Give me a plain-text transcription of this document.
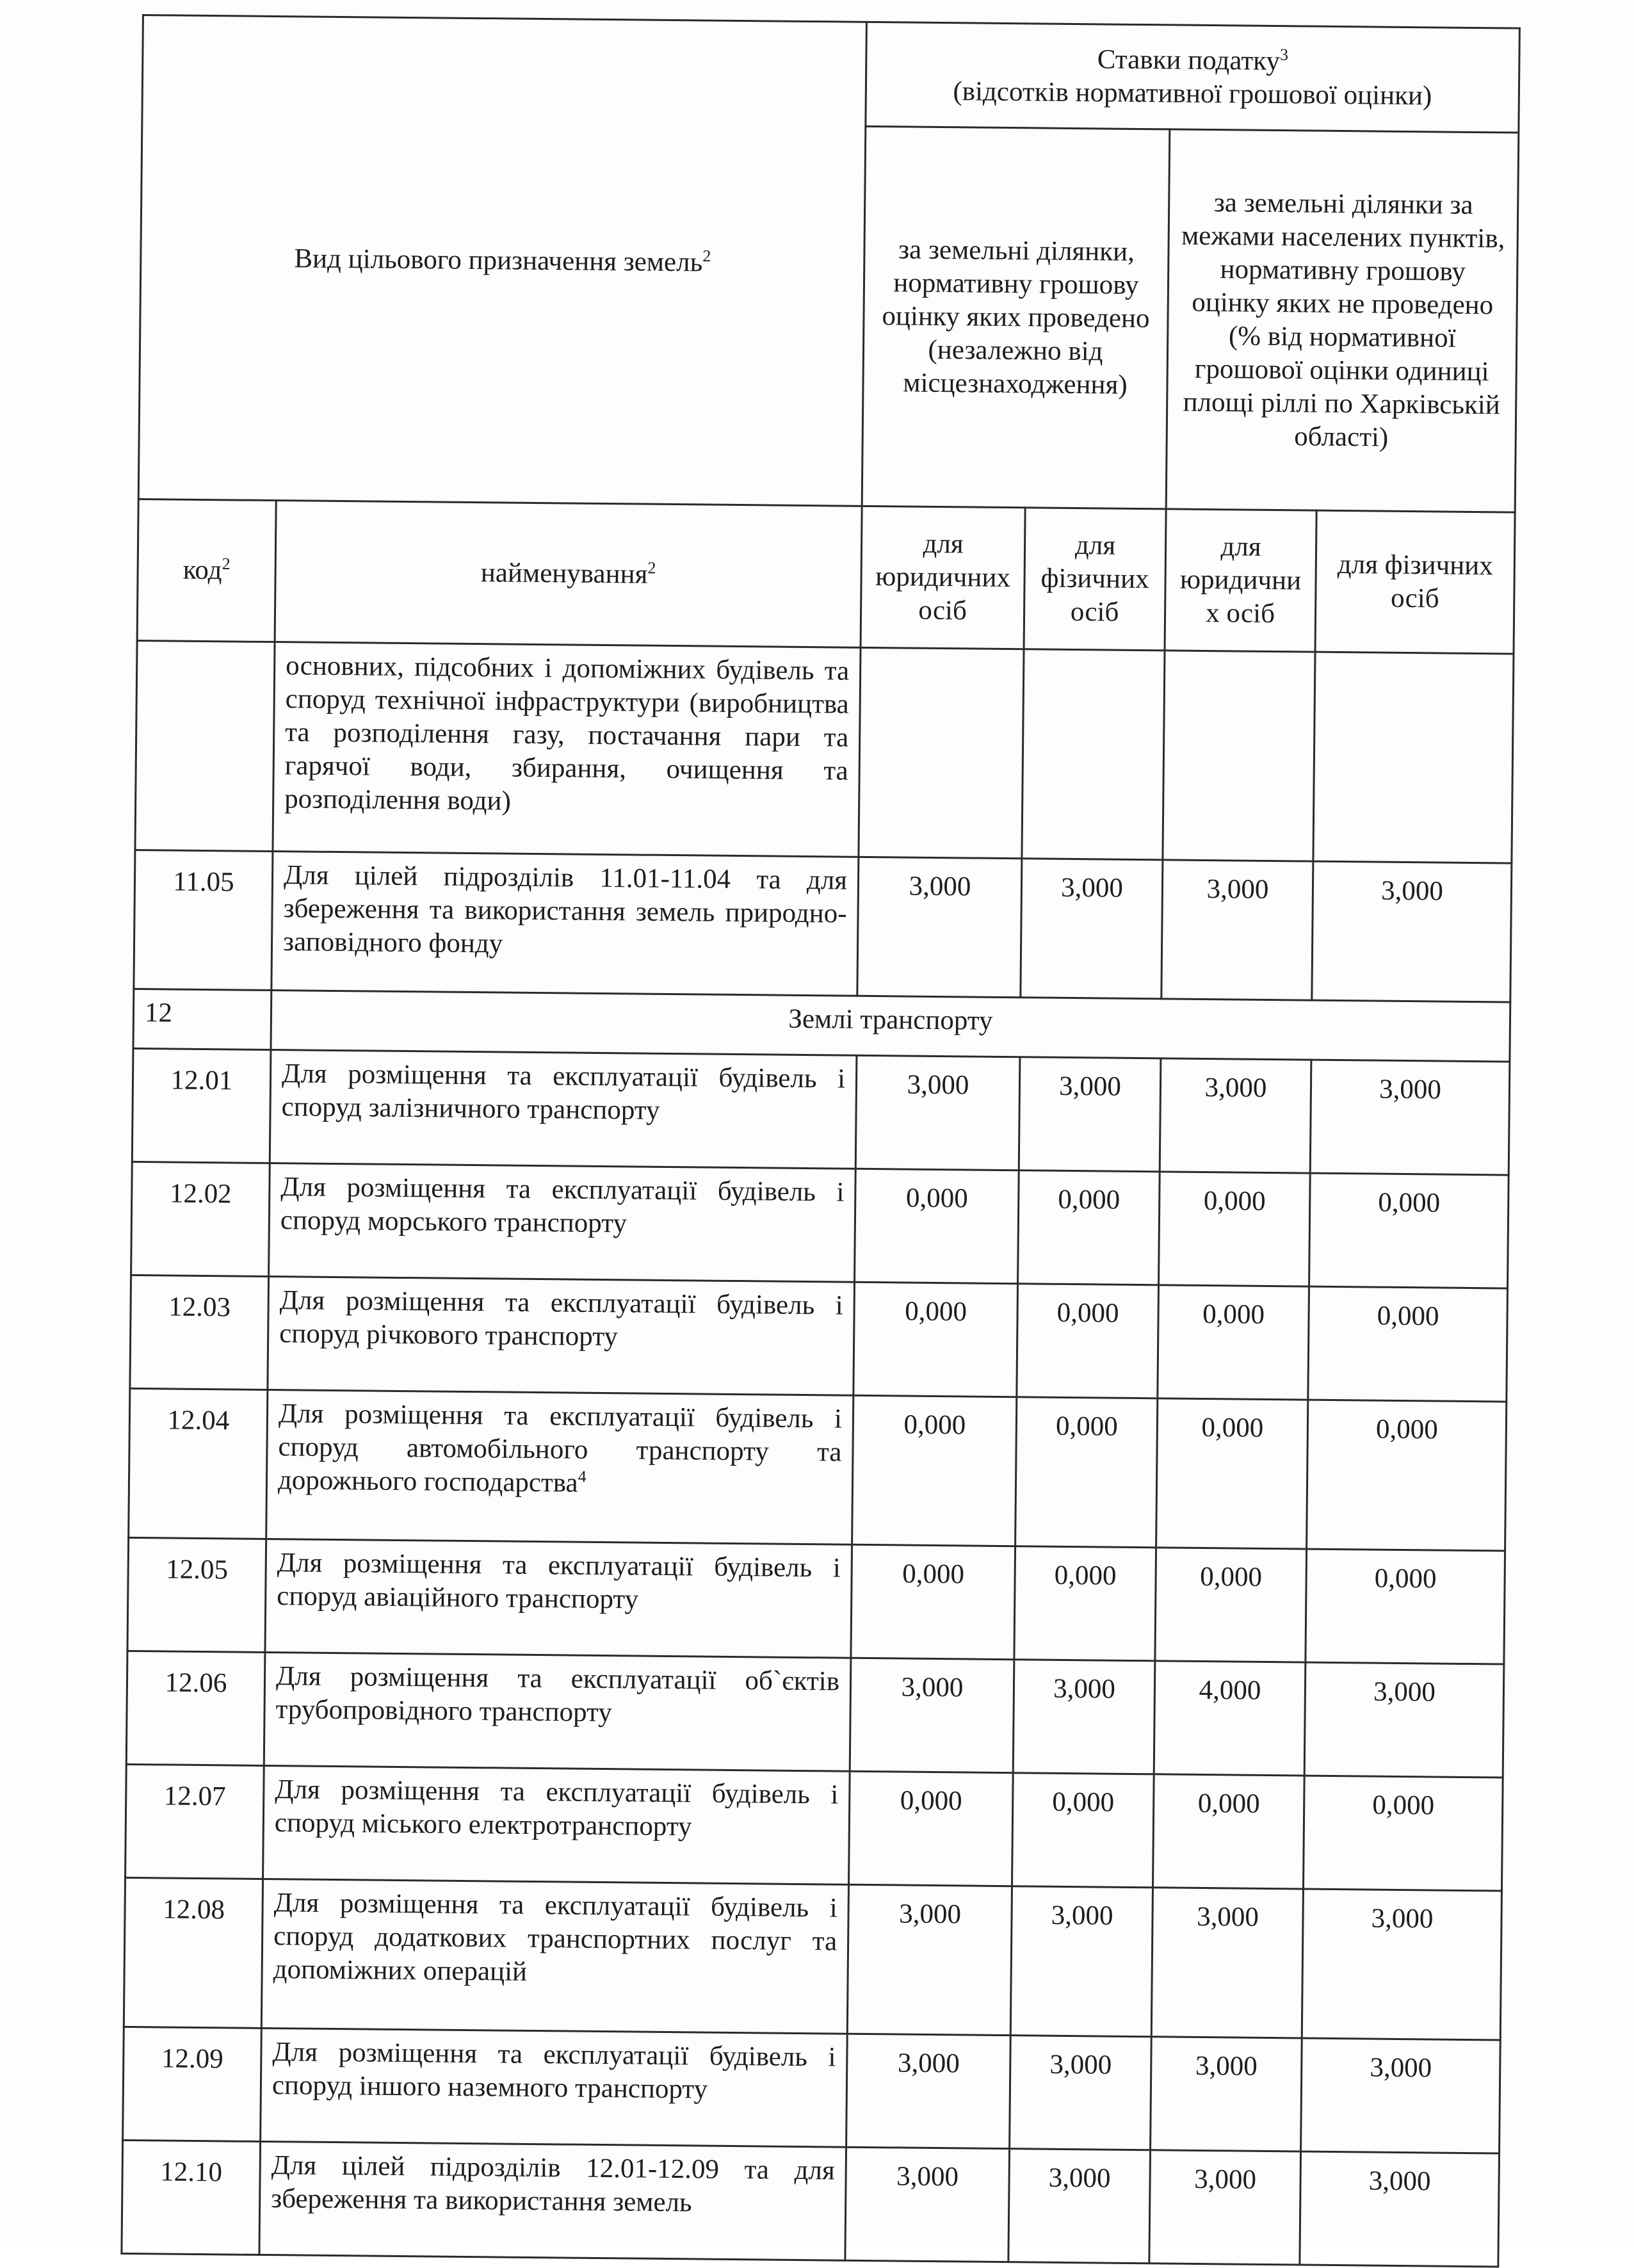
Вид цільового призначення земель$^2$		Ставки податку$^3$
(відсотків нормативної грошової оцінки)			
		за земельні ділянки, нормативну грошову оцінку яких проведено (незалежно від місцезнаходження)		за земельні ділянки за межами населених пунктів, нормативну грошову оцінку яких не проведено (% від нормативної грошової оцінки одиниці площі ріллі по Харківській області)	
код$^2$	найменування$^2$	для юридичних осіб	для фізичних осіб	для юридични х осіб	для фізичних осіб
	основних, підсобних і допоміжних будівель та споруд технічної інфраструктури (виробництва та розподілення газу, постачання пари та гарячої води, збирання, очищення та розподілення води)				
11.05	Для цілей підрозділів 11.01-11.04 та для збереження та використання земель природно-заповідного фонду	3,000	3,000	3,000	3,000
12	Землі транспорту				
12.01	Для розміщення та експлуатації будівель і споруд залізничного транспорту	3,000	3,000	3,000	3,000
12.02	Для розміщення та експлуатації будівель і споруд морського транспорту	0,000	0,000	0,000	0,000
12.03	Для розміщення та експлуатації будівель і споруд річкового транспорту	0,000	0,000	0,000	0,000
12.04	Для розміщення та експлуатації будівель і споруд автомобільного транспорту та дорожнього господарства$^4$	0,000	0,000	0,000	0,000
12.05	Для розміщення та експлуатації будівель і споруд авіаційного транспорту	0,000	0,000	0,000	0,000
12.06	Для розміщення та експлуатації об`єктів трубопровідного транспорту	3,000	3,000	4,000	3,000
12.07	Для розміщення та експлуатації будівель і споруд міського електротранспорту	0,000	0,000	0,000	0,000
12.08	Для розміщення та експлуатації будівель і споруд додаткових транспортних послуг та допоміжних операцій	3,000	3,000	3,000	3,000
12.09	Для розміщення та експлуатації будівель і споруд іншого наземного транспорту	3,000	3,000	3,000	3,000
12.10	Для цілей підрозділів 12.01-12.09 та для збереження та використання земель	3,000	3,000	3,000	3,000
